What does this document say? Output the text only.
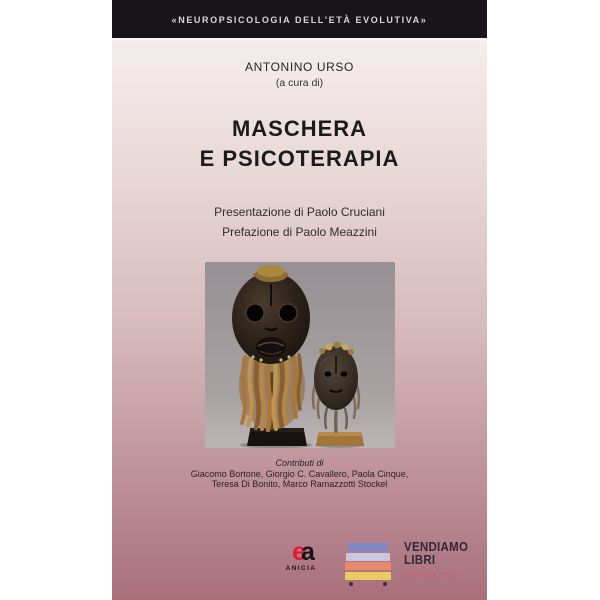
«NEUROPSICOLOGIA DELL'ETÀ EVOLUTIVA»
ANTONINO URSO
(a cura di)
MASCHERA
E PSICOTERAPIA
Presentazione di Paolo Cruciani
Prefazione di Paolo Meazzini
Contributi di
Giacomo Bortone, Giorgio C. Cavallero, Paola Cinque,
Teresa Di Bonito, Marco Ramazzotti Stockel
ea
ANICIA
VENDIAMO
LIBRI
DI TUTTI A TUTTI
